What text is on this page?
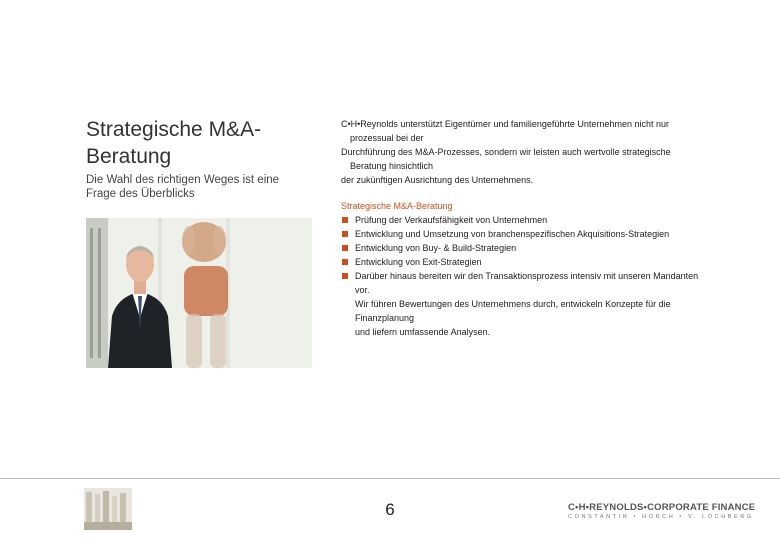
Strategische M&A-Beratung
Die Wahl des richtigen Weges ist eine Frage des Überblicks

C•H•Reynolds unterstützt Eigentümer und familiengeführte Unternehmen nicht nur

prozessual bei der

Durchführung des M&A-Prozesses, sondern wir leisten auch wertvolle strategische

Beratung hinsichtlich

der zukünftigen Ausrichtung des Unternehmens.

Strategische M&A-Beratung

Prüfung der Verkaufsfähigkeit von Unternehmen
Entwicklung und Umsetzung von branchenspezifischen Akquisitions-Strategien
Entwicklung von Buy- & Build-Strategien
Entwicklung von Exit-Strategien
Darüber hinaus bereiten wir den Transaktionsprozess intensiv mit unseren Mandanten
vor.
Wir führen Bewertungen des Unternehmens durch, entwickeln Konzepte für die
Finanzplanung
und liefern umfassende Analysen.
6	C•H•REYNOLDS•CORPORATE FINANCE
CONSTANTIN • HORCH • V. LÖCHBERG
